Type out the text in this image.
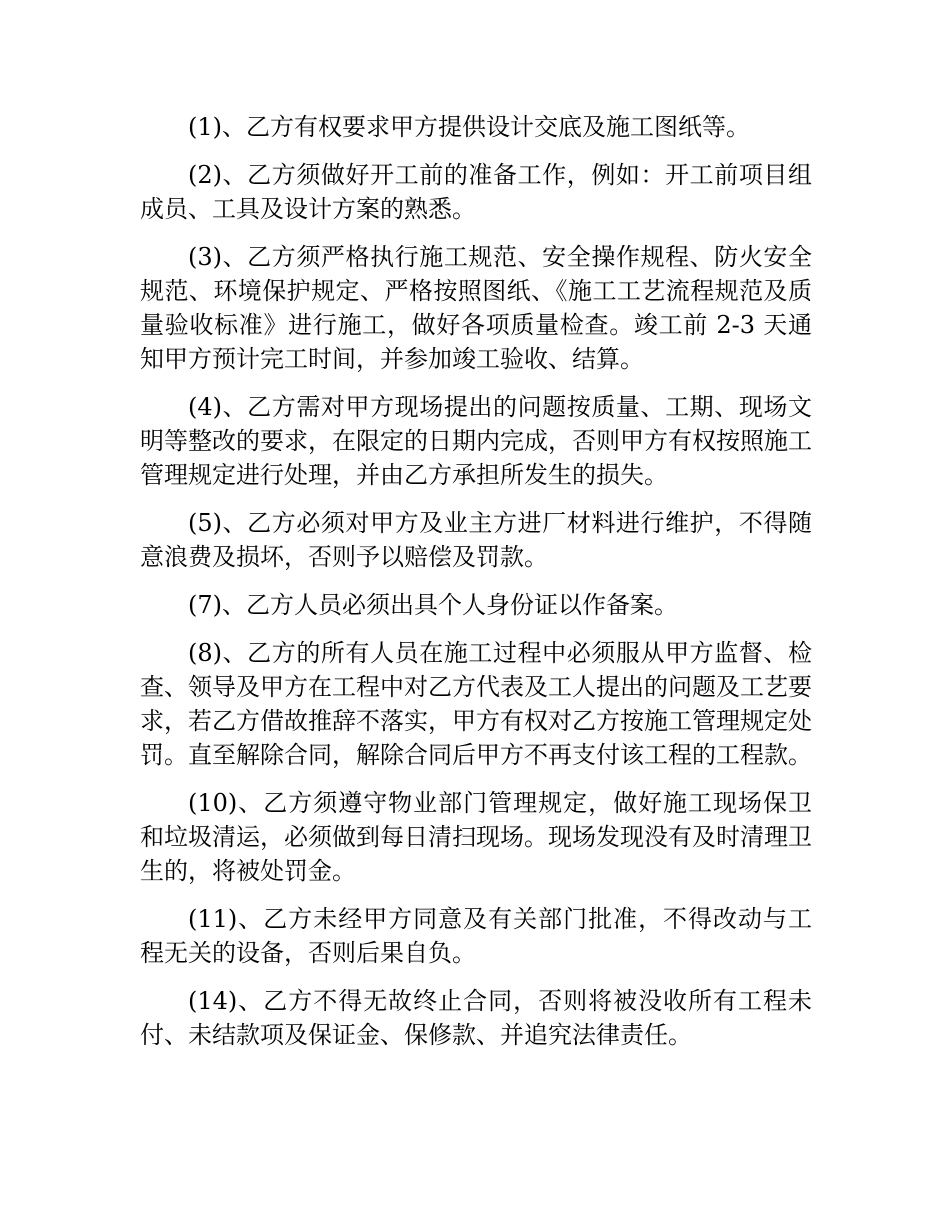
(1)、乙方有权要求甲方提供设计交底及施工图纸等。

(2)、乙方须做好开工前的准备工作，例如：开工前项目组成员、工具及设计方案的熟悉。

(3)、乙方须严格执行施工规范、安全操作规程、防火安全规范、环境保护规定、严格按照图纸、《施工工艺流程规范及质量验收标准》进行施工，做好各项质量检查。竣工前 2-3 天通知甲方预计完工时间，并参加竣工验收、结算。

(4)、乙方需对甲方现场提出的问题按质量、工期、现场文明等整改的要求，在限定的日期内完成，否则甲方有权按照施工管理规定进行处理，并由乙方承担所发生的损失。

(5)、乙方必须对甲方及业主方进厂材料进行维护，不得随意浪费及损坏，否则予以赔偿及罚款。

(7)、乙方人员必须出具个人身份证以作备案。

(8)、乙方的所有人员在施工过程中必须服从甲方监督、检查、领导及甲方在工程中对乙方代表及工人提出的问题及工艺要求，若乙方借故推辞不落实，甲方有权对乙方按施工管理规定处罚。直至解除合同，解除合同后甲方不再支付该工程的工程款。

(10)、乙方须遵守物业部门管理规定，做好施工现场保卫和垃圾清运，必须做到每日清扫现场。现场发现没有及时清理卫生的，将被处罚金。

(11)、乙方未经甲方同意及有关部门批准，不得改动与工程无关的设备，否则后果自负。

(14)、乙方不得无故终止合同，否则将被没收所有工程未付、未结款项及保证金、保修款、并追究法律责任。
